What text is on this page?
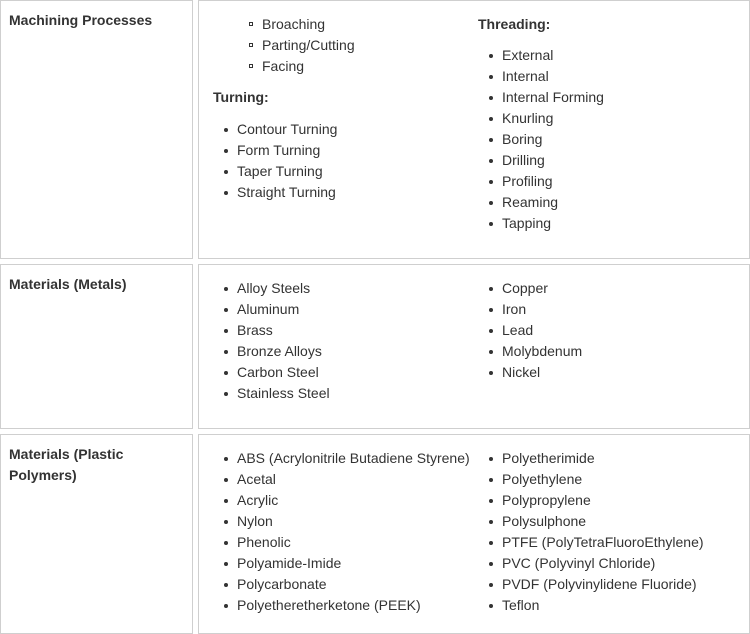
Machining Processes	Broaching
Parting/Cutting
Facing
Turning:
Contour Turning
Form Turning
Taper Turning
Straight Turning
Threading:
External
Internal
Internal Forming
Knurling
Boring
Drilling
Profiling
Reaming
Tapping
Materials (Metals)	Alloy Steels
Aluminum
Brass
Bronze Alloys
Carbon Steel
Stainless Steel
Copper
Iron
Lead
Molybdenum
Nickel
Materials (Plastic Polymers)
ABS (Acrylonitrile Butadiene Styrene)
Acetal
Acrylic
Nylon
Phenolic
Polyamide-Imide
Polycarbonate
Polyetheretherketone (PEEK)
Polyetherimide
Polyethylene
Polypropylene
Polysulphone
PTFE (PolyTetraFluoroEthylene)
PVC (Polyvinyl Chloride)
PVDF (Polyvinylidene Fluoride)
Teflon
